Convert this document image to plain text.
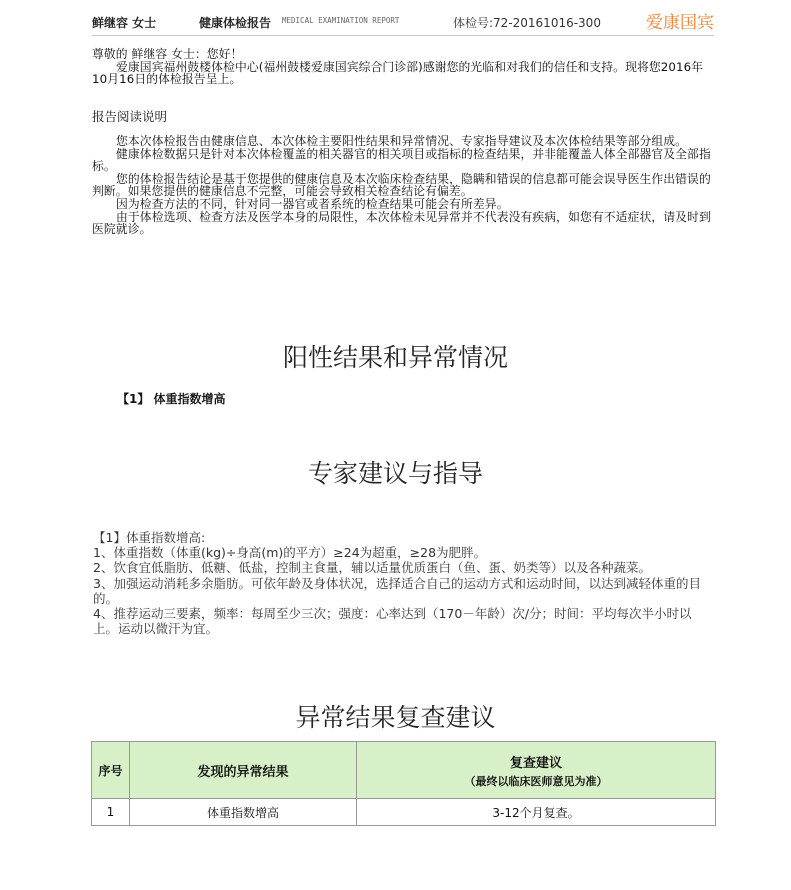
鲜继容 女士	健康体检报告 MEDICAL EXAMINATION REPORT	体检号:72-20161016-300	爱康国宾

尊敬的 鲜继容 女士：您好！

爱康国宾福州鼓楼体检中心(福州鼓楼爱康国宾综合门诊部)感谢您的光临和对我们的信任和支持。现将您2016年10月16日的体检报告呈上。

报告阅读说明

您本次体检报告由健康信息、本次体检主要阳性结果和异常情况、专家指导建议及本次体检结果等部分组成。

健康体检数据只是针对本次体检覆盖的相关器官的相关项目或指标的检查结果，并非能覆盖人体全部器官及全部指标。

您的体检报告结论是基于您提供的健康信息及本次临床检查结果，隐瞒和错误的信息都可能会误导医生作出错误的判断。如果您提供的健康信息不完整，可能会导致相关检查结论有偏差。

因为检查方法的不同，针对同一器官或者系统的检查结果可能会有所差异。

由于体检选项、检查方法及医学本身的局限性，本次体检未见异常并不代表没有疾病，如您有不适症状，请及时到医院就诊。

阳性结果和异常情况
【1】 体重指数增高
专家建议与指导

【1】体重指数增高:

1、体重指数（体重(kg)÷身高(m)的平方）≥24为超重，≥28为肥胖。

2、饮食宜低脂肪、低糖、低盐，控制主食量，辅以适量优质蛋白（鱼、蛋、奶类等）以及各种蔬菜。

3、加强运动消耗多余脂肪。可依年龄及身体状况，选择适合自己的运动方式和运动时间，以达到减轻体重的目的。

4、推荐运动三要素，频率：每周至少三次；强度：心率达到（170－年龄）次/分；时间：平均每次半小时以上。运动以微汗为宜。

异常结果复查建议
序号	发现的异常结果	复查建议
（最终以临床医师意见为准）

1	体重指数增高	3-12个月复查。
